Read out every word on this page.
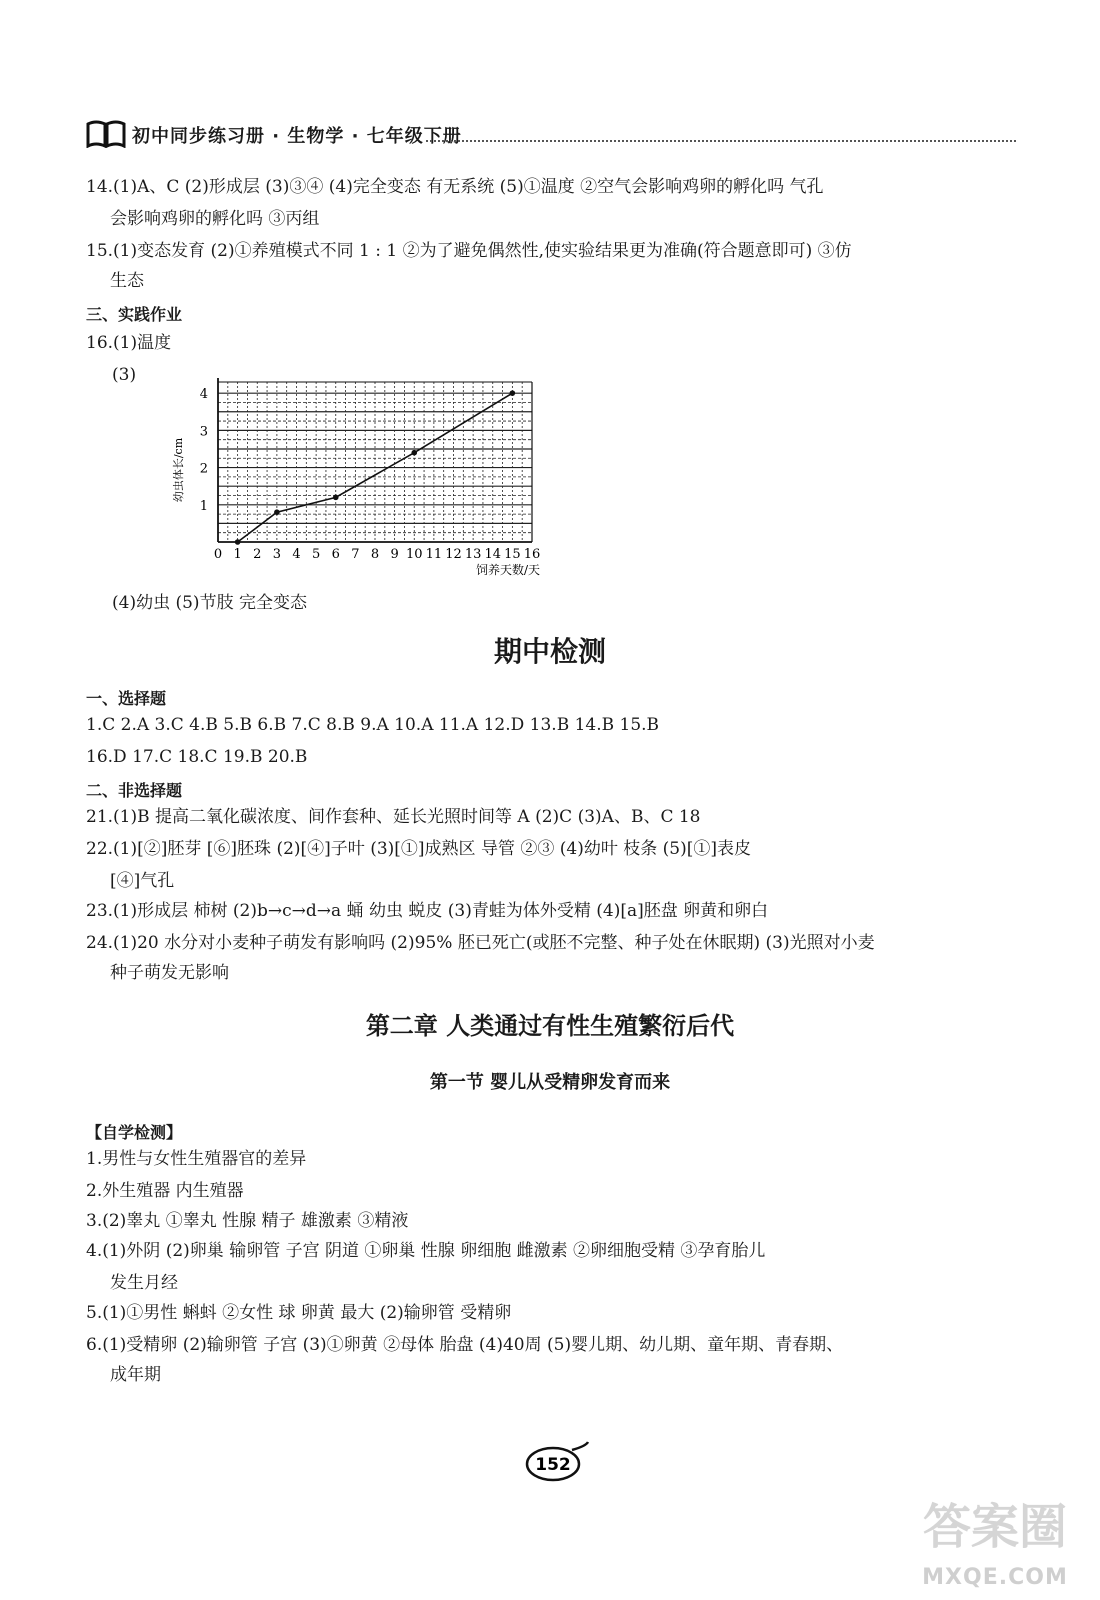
初中同步练习册 · 生物学 · 七年级下册
14.(1)A、C (2)形成层 (3)③④ (4)完全变态 有无系统 (5)①温度 ②空气会影响鸡卵的孵化吗 气孔
会影响鸡卵的孵化吗 ③丙组
15.(1)变态发育 (2)①养殖模式不同 1 : 1 ②为了避免偶然性,使实验结果更为准确(符合题意即可) ③仿
生态
三、实践作业
16.(1)温度
(3)
0 1 2 3 4 5 6 7 8 9 10 11 12 13 14 15 16
1
2
3
4
幼虫体长/cm
饲养天数/天
(4)幼虫 (5)节肢 完全变态
期中检测
一、选择题
1.C 2.A 3.C 4.B 5.B 6.B 7.C 8.B 9.A 10.A 11.A 12.D 13.B 14.B 15.B
16.D 17.C 18.C 19.B 20.B
二、非选择题
21.(1)B 提高二氧化碳浓度、间作套种、延长光照时间等 A (2)C (3)A、B、C 18
22.(1)[②]胚芽 [⑥]胚珠 (2)[④]子叶 (3)[①]成熟区 导管 ②③ (4)幼叶 枝条 (5)[①]表皮
[④]气孔
23.(1)形成层 柿树 (2)b→c→d→a 蛹 幼虫 蜕皮 (3)青蛙为体外受精 (4)[a]胚盘 卵黄和卵白
24.(1)20 水分对小麦种子萌发有影响吗 (2)95% 胚已死亡(或胚不完整、种子处在休眠期) (3)光照对小麦
种子萌发无影响
第二章 人类通过有性生殖繁衍后代
第一节 婴儿从受精卵发育而来
【自学检测】
1.男性与女性生殖器官的差异
2.外生殖器 内生殖器
3.(2)睾丸 ①睾丸 性腺 精子 雄激素 ③精液
4.(1)外阴 (2)卵巢 输卵管 子宫 阴道 ①卵巢 性腺 卵细胞 雌激素 ②卵细胞受精 ③孕育胎儿
发生月经
5.(1)①男性 蝌蚪 ②女性 球 卵黄 最大 (2)输卵管 受精卵
6.(1)受精卵 (2)输卵管 子宫 (3)①卵黄 ②母体 胎盘 (4)40周 (5)婴儿期、幼儿期、童年期、青春期、
成年期
152
答案圈
MXQE.COM
